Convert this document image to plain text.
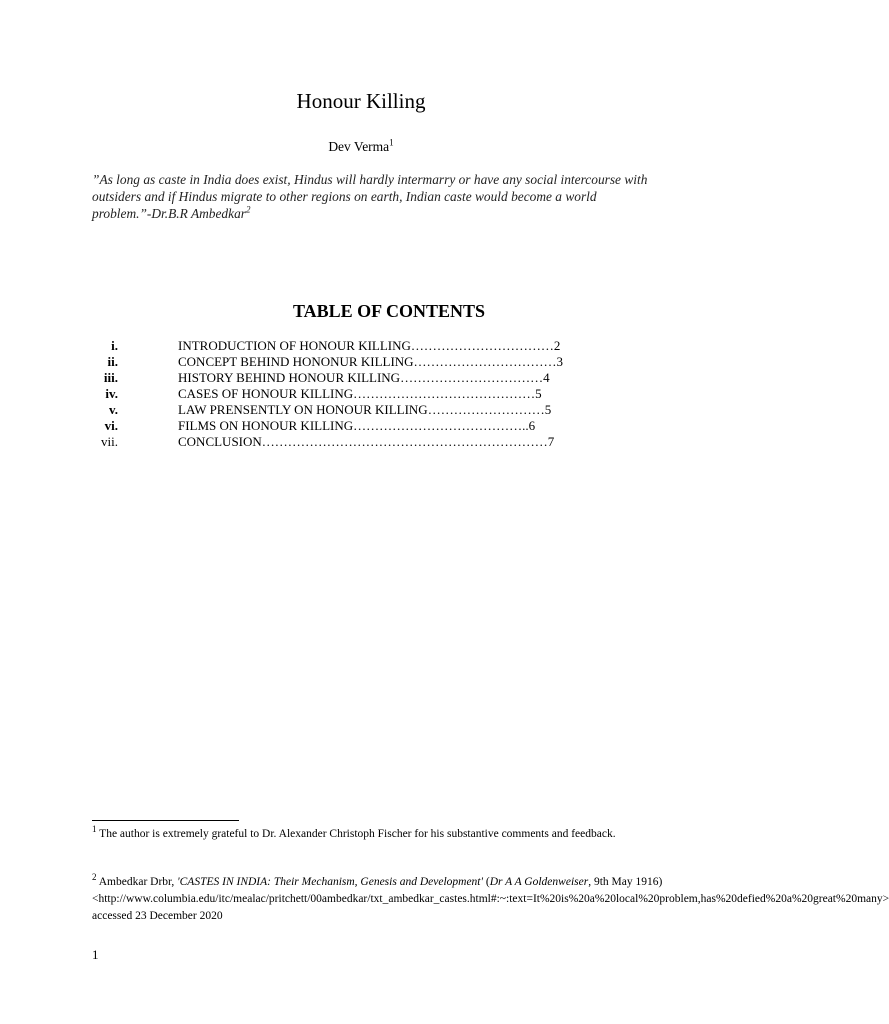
Honour Killing
Dev Verma$^1$
”As long as caste in India does exist, Hindus will hardly intermarry or have any social intercourse with outsiders and if Hindus migrate to other regions on earth, Indian caste would become a world problem.”-Dr.B.R Ambedkar$^2$
TABLE OF CONTENTS
i.	INTRODUCTION OF HONOUR KILLING……………………………2
ii.	CONCEPT BEHIND HONONUR KILLING……………………………3
iii.	HISTORY BEHIND HONOUR KILLING……………………………4
iv.	CASES OF HONOUR KILLING……………………………………5
v.	LAW PRENSENTLY ON HONOUR KILLING………………………5
vi.	FILMS ON HONOUR KILLING…………………………………..6
vii.	CONCLUSION…………………………………………………………7
$^1$ The author is extremely grateful to Dr. Alexander Christoph Fischer for his substantive comments and feedback.
$^2$ Ambedkar Drbr, 'CASTES IN INDIA: Their Mechanism, Genesis and Development' (Dr A A Goldenweiser, 9th May 1916) <http://www.columbia.edu/itc/mealac/pritchett/00ambedkar/txt_ambedkar_castes.html#:~:text=It%20is%20a%20local%20problem,has%20defied%20a%20great%20many> accessed 23 December 2020
1
